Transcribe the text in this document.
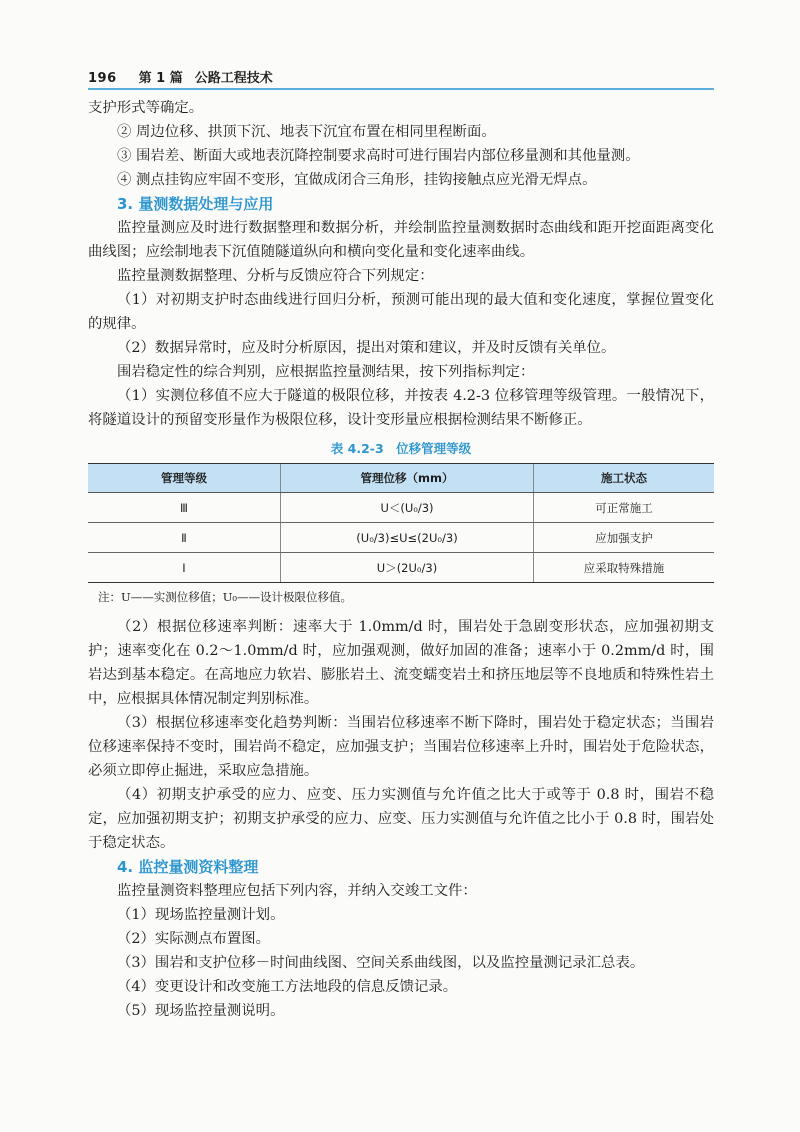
196 第 1 篇 公路工程技术

支护形式等确定。

② 周边位移、拱顶下沉、地表下沉宜布置在相同里程断面。

③ 围岩差、断面大或地表沉降控制要求高时可进行围岩内部位移量测和其他量测。

④ 测点挂钩应牢固不变形，宜做成闭合三角形，挂钩接触点应光滑无焊点。

3. 量测数据处理与应用

监控量测应及时进行数据整理和数据分析，并绘制监控量测数据时态曲线和距开挖面距离变化曲线图；应绘制地表下沉值随隧道纵向和横向变化量和变化速率曲线。

监控量测数据整理、分析与反馈应符合下列规定：

（1）对初期支护时态曲线进行回归分析，预测可能出现的最大值和变化速度，掌握位置变化的规律。

（2）数据异常时，应及时分析原因，提出对策和建议，并及时反馈有关单位。

围岩稳定性的综合判别，应根据监控量测结果，按下列指标判定：

（1）实测位移值不应大于隧道的极限位移，并按表 4.2-3 位移管理等级管理。一般情况下，将隧道设计的预留变形量作为极限位移，设计变形量应根据检测结果不断修正。

表 4.2-3　位移管理等级
管理等级	管理位移（mm）	施工状态
Ⅲ	U＜(U₀/3)	可正常施工
Ⅱ	(U₀/3)≤U≤(2U₀/3)	应加强支护
Ⅰ	U＞(2U₀/3)	应采取特殊措施
注：U——实测位移值；U₀——设计极限位移值。

（2）根据位移速率判断：速率大于 1.0mm/d 时，围岩处于急剧变形状态，应加强初期支护；速率变化在 0.2～1.0mm/d 时，应加强观测，做好加固的准备；速率小于 0.2mm/d 时，围岩达到基本稳定。在高地应力软岩、膨胀岩土、流变蠕变岩土和挤压地层等不良地质和特殊性岩土中，应根据具体情况制定判别标准。

（3）根据位移速率变化趋势判断：当围岩位移速率不断下降时，围岩处于稳定状态；当围岩位移速率保持不变时，围岩尚不稳定，应加强支护；当围岩位移速率上升时，围岩处于危险状态，必须立即停止掘进，采取应急措施。

（4）初期支护承受的应力、应变、压力实测值与允许值之比大于或等于 0.8 时，围岩不稳定，应加强初期支护；初期支护承受的应力、应变、压力实测值与允许值之比小于 0.8 时，围岩处于稳定状态。

4. 监控量测资料整理

监控量测资料整理应包括下列内容，并纳入交竣工文件：

（1）现场监控量测计划。

（2）实际测点布置图。

（3）围岩和支护位移－时间曲线图、空间关系曲线图，以及监控量测记录汇总表。

（4）变更设计和改变施工方法地段的信息反馈记录。

（5）现场监控量测说明。
